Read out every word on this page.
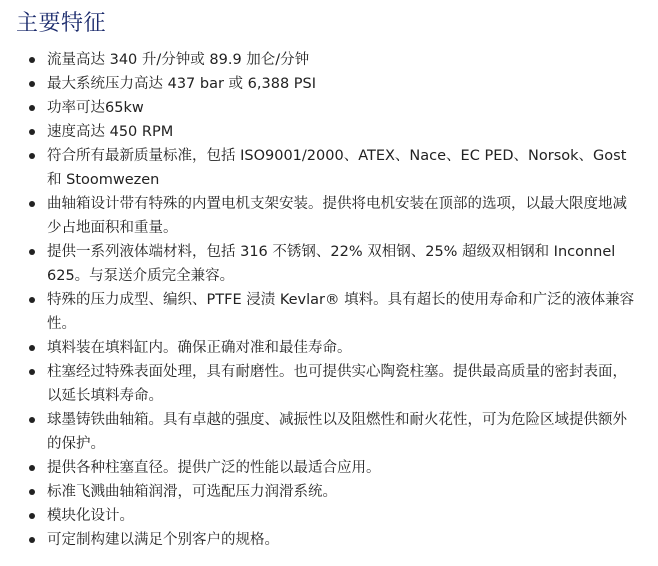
主要特征
流量高达 340 升/分钟或 89.9 加仑/分钟
最大系统压力高达 437 bar 或 6,388 PSI
功率可达65kw
速度高达 450 RPM
符合所有最新质量标准，包括 ISO9001/2000、ATEX、Nace、EC PED、Norsok、Gost 和 Stoomwezen
曲轴箱设计带有特殊的内置电机支架安装。提供将电机安装在顶部的选项，以最大限度地减少占地面积和重量。
提供一系列液体端材料，包括 316 不锈钢、22% 双相钢、25% 超级双相钢和 Inconnel 625。与泵送介质完全兼容。
特殊的压力成型、编织、PTFE 浸渍 Kevlar® 填料。具有超长的使用寿命和广泛的液体兼容性。
填料装在填料缸内。确保正确对准和最佳寿命。
柱塞经过特殊表面处理，具有耐磨性。也可提供实心陶瓷柱塞。提供最高质量的密封表面，以延长填料寿命。
球墨铸铁曲轴箱。具有卓越的强度、减振性以及阻燃性和耐火花性，可为危险区域提供额外的保护。
提供各种柱塞直径。提供广泛的性能以最适合应用。
标准飞溅曲轴箱润滑，可选配压力润滑系统。
模块化设计。
可定制构建以满足个别客户的规格。
